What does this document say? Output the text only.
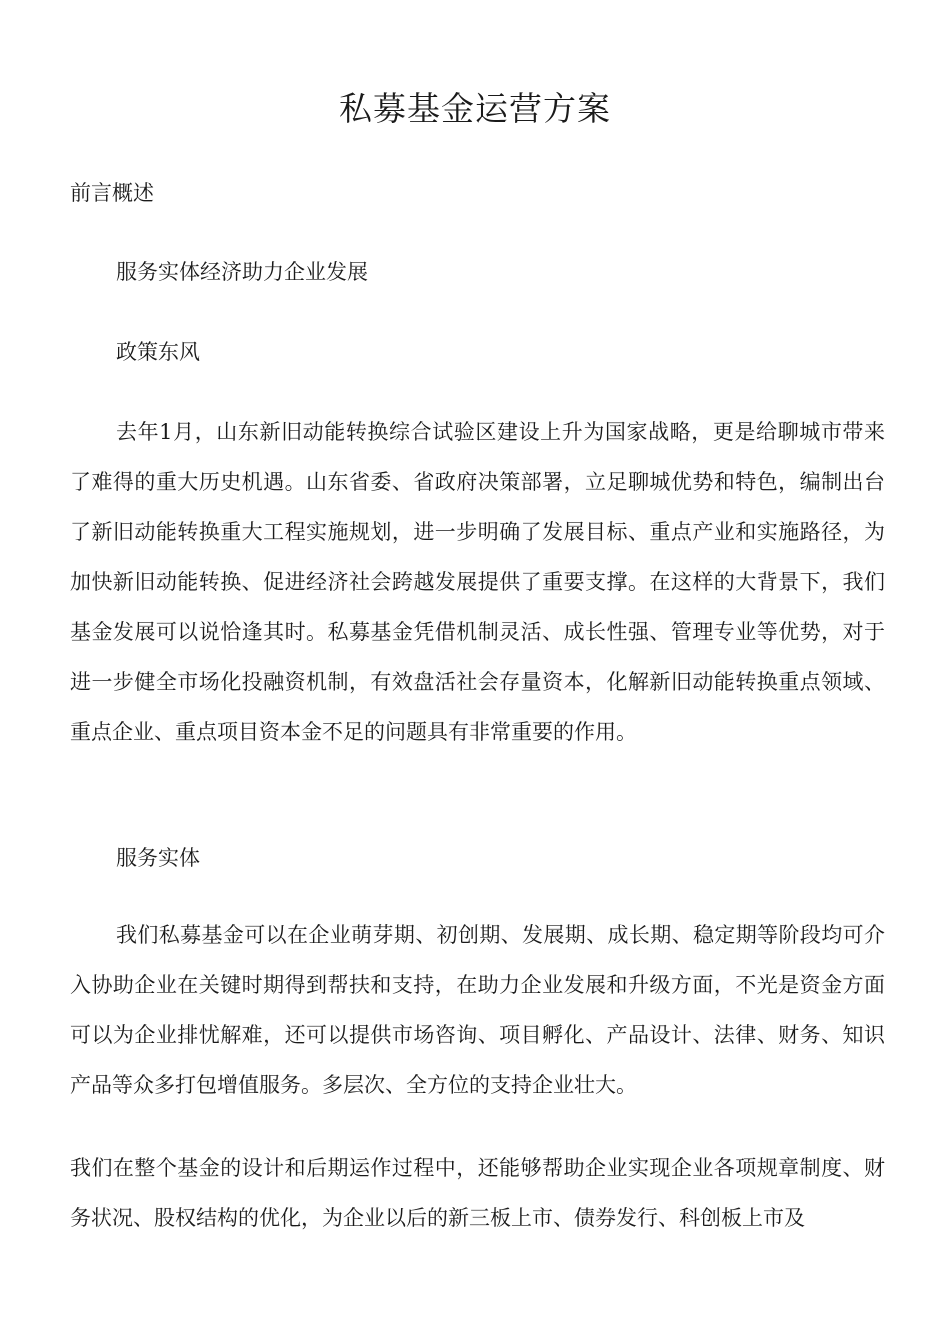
私募基金运营方案

前言概述

服务实体经济助力企业发展

政策东风

去年1月，山东新旧动能转换综合试验区建设上升为国家战略，更是给聊城市带来了难得的重大历史机遇。山东省委、省政府决策部署，立足聊城优势和特色，编制出台了新旧动能转换重大工程实施规划，进一步明确了发展目标、重点产业和实施路径，为加快新旧动能转换、促进经济社会跨越发展提供了重要支撑。在这样的大背景下，我们基金发展可以说恰逢其时。私募基金凭借机制灵活、成长性强、管理专业等优势，对于进一步健全市场化投融资机制，有效盘活社会存量资本，化解新旧动能转换重点领域、重点企业、重点项目资本金不足的问题具有非常重要的作用。

服务实体

我们私募基金可以在企业萌芽期、初创期、发展期、成长期、稳定期等阶段均可介入协助企业在关键时期得到帮扶和支持，在助力企业发展和升级方面，不光是资金方面可以为企业排忧解难，还可以提供市场咨询、项目孵化、产品设计、法律、财务、知识产品等众多打包增值服务。多层次、全方位的支持企业壮大。

我们在整个基金的设计和后期运作过程中，还能够帮助企业实现企业各项规章制度、财务状况、股权结构的优化，为企业以后的新三板上市、债券发行、科创板上市及
